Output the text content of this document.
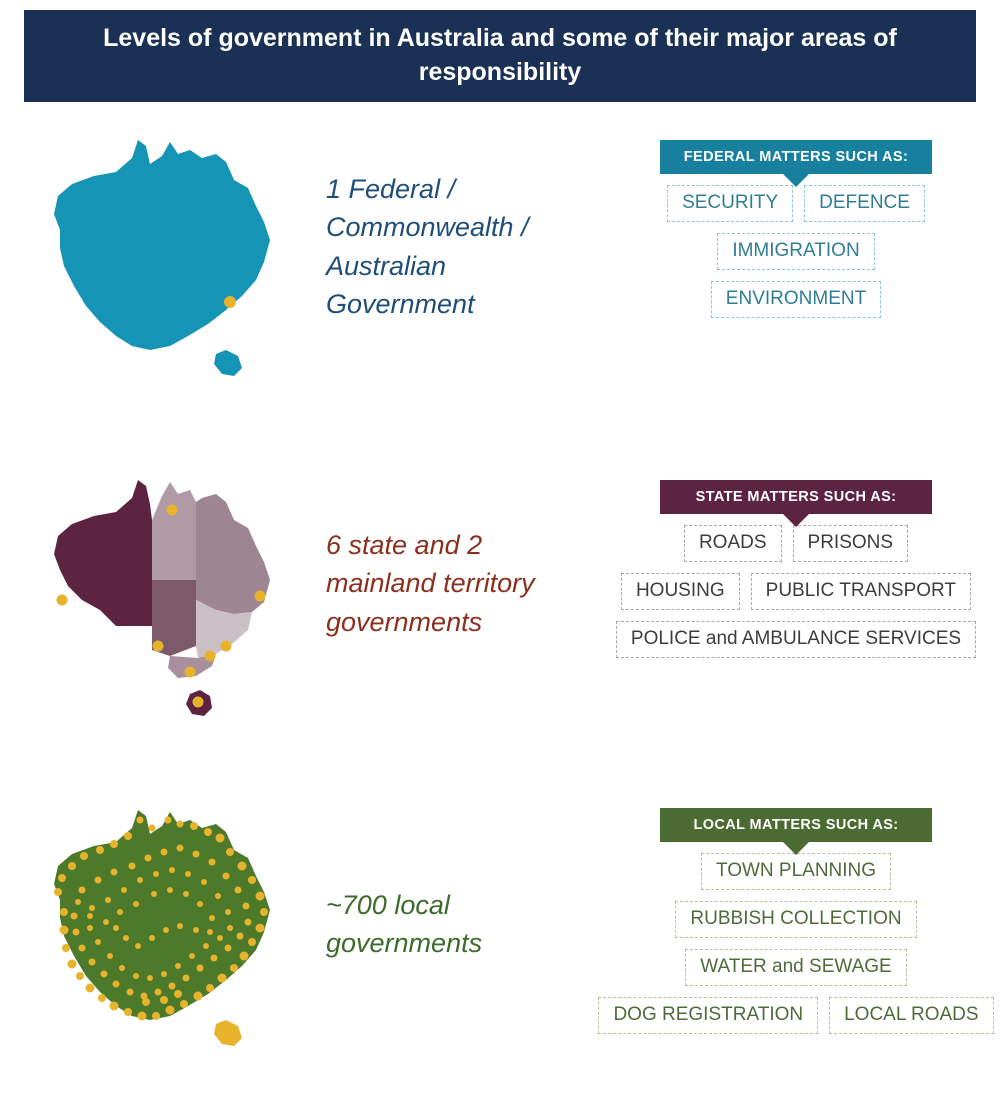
Levels of government in Australia and some of their major areas of responsibility
1 Federal / Commonwealth / Australian Government
FEDERAL MATTERS SUCH AS:
SECURITY	DEFENCE
IMMIGRATION
ENVIRONMENT
6 state and 2 mainland territory governments
STATE MATTERS SUCH AS:
ROADS	PRISONS
HOUSING	PUBLIC TRANSPORT
POLICE and AMBULANCE SERVICES
~700 local governments
LOCAL MATTERS SUCH AS:
TOWN PLANNING
RUBBISH COLLECTION
WATER and SEWAGE
DOG REGISTRATION	LOCAL ROADS
